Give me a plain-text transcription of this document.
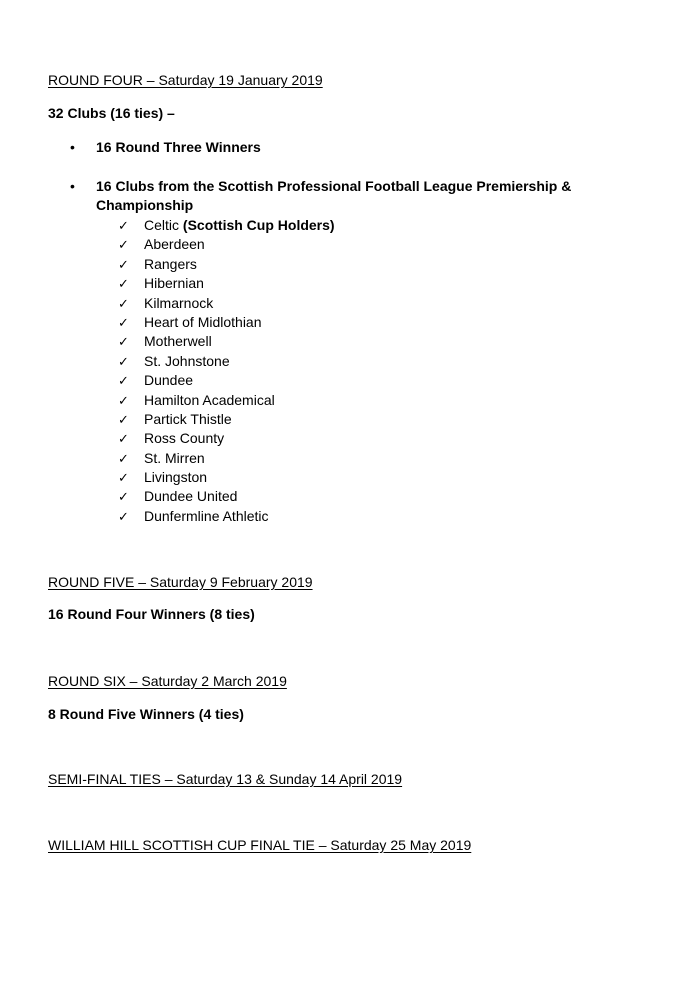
ROUND FOUR – Saturday 19 January 2019

32 Clubs (16 ties) –

•	16 Round Three Winners
•	16 Clubs from the Scottish Professional Football League Premiership & Championship
✓ Celtic (Scottish Cup Holders)
✓ Aberdeen
✓ Rangers
✓ Hibernian
✓ Kilmarnock
✓ Heart of Midlothian
✓ Motherwell
✓ St. Johnstone
✓ Dundee
✓ Hamilton Academical
✓ Partick Thistle
✓ Ross County
✓ St. Mirren
✓ Livingston
✓ Dundee United
✓ Dunfermline Athletic

ROUND FIVE – Saturday 9 February 2019

16 Round Four Winners (8 ties)

ROUND SIX – Saturday 2 March 2019

8 Round Five Winners (4 ties)

SEMI-FINAL TIES – Saturday 13 & Sunday 14 April 2019

WILLIAM HILL SCOTTISH CUP FINAL TIE – Saturday 25 May 2019
